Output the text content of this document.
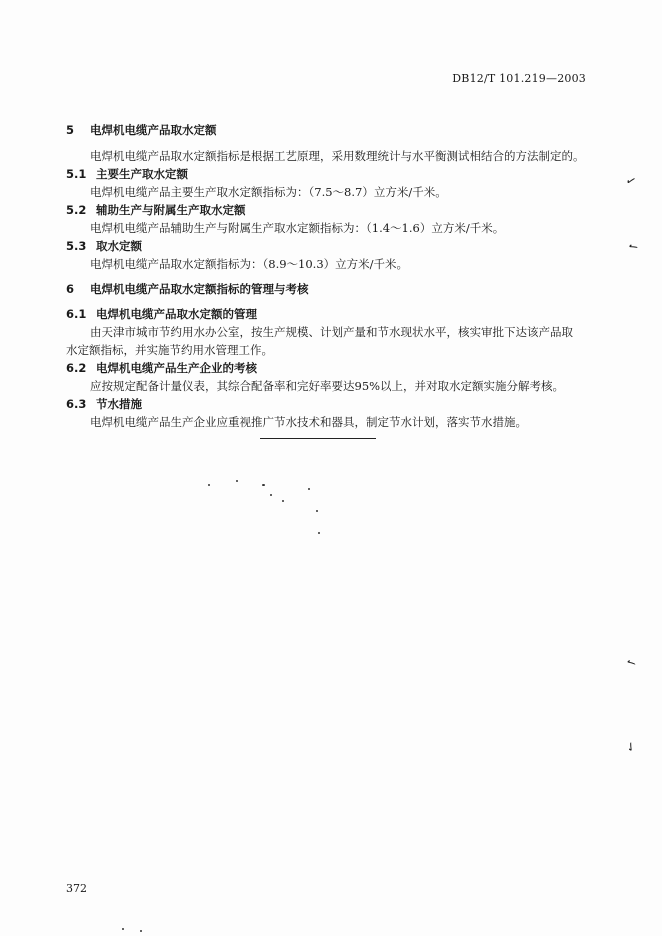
DB12/T 101.219—2003
5	电焊机电缆产品取水定额
电焊机电缆产品取水定额指标是根据工艺原理，采用数理统计与水平衡测试相结合的方法制定的。
5.1 主要生产取水定额
电焊机电缆产品主要生产取水定额指标为：（7.5～8.7）立方米/千米。
5.2 辅助生产与附属生产取水定额
电焊机电缆产品辅助生产与附属生产取水定额指标为：（1.4～1.6）立方米/千米。
5.3 取水定额
电焊机电缆产品取水定额指标为：（8.9～10.3）立方米/千米。
6	电焊机电缆产品取水定额指标的管理与考核
6.1 电焊机电缆产品取水定额的管理
由天津市城市节约用水办公室，按生产规模、计划产量和节水现状水平，核实审批下达该产品取水定额指标，并实施节约用水管理工作。
6.2 电焊机电缆产品生产企业的考核
应按规定配备计量仪表，其综合配备率和完好率要达95%以上，并对取水定额实施分解考核。
6.3 节水措施
电焊机电缆产品生产企业应重视推广节水技术和器具，制定节水计划，落实节水措施。
✓
✓
✓
✓
372
